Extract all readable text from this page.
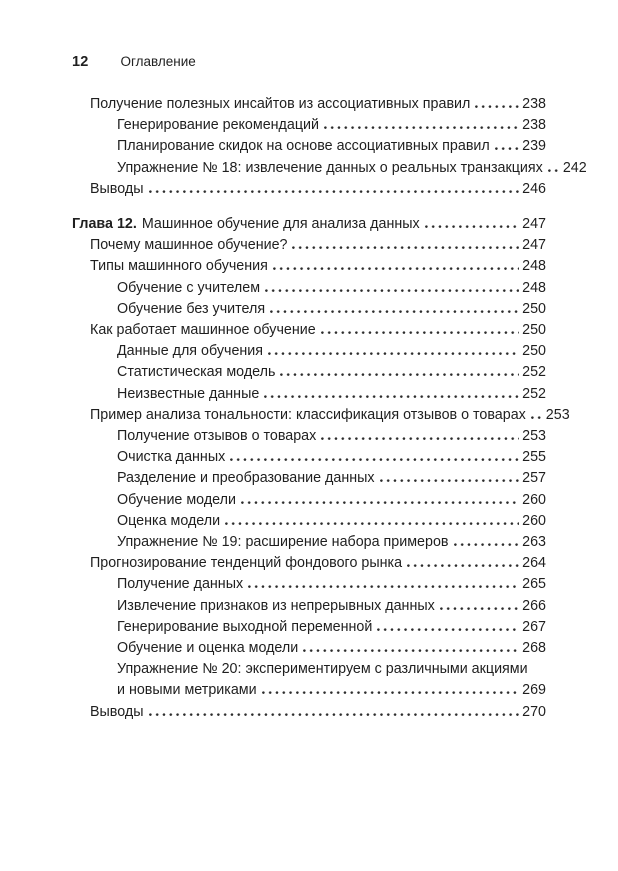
12 Оглавление
Получение полезных инсайтов из ассоциативных правил	238
Генерирование рекомендаций	238
Планирование скидок на основе ассоциативных правил 239
Упражнение № 18: извлечение данных о реальных транзакциях 242
Выводы	246
Глава 12. Машинное обучение для анализа данных	247
Почему машинное обучение?	247
Типы машинного обучения	248
Обучение с учителем	248
Обучение без учителя	250
Как работает машинное обучение	250
Данные для обучения	250
Статистическая модель	252
Неизвестные данные	252
Пример анализа тональности: классификация отзывов о товарах 253
Получение отзывов о товарах	253
Очистка данных	255
Разделение и преобразование данных	257
Обучение модели	260
Оценка модели	260
Упражнение № 19: расширение набора примеров	263
Прогнозирование тенденций фондового рынка	264
Получение данных	265
Извлечение признаков из непрерывных данных	266
Генерирование выходной переменной	267
Обучение и оценка модели	268
Упражнение № 20: экспериментируем с различными акциями
и новыми метриками	269
Выводы	270
